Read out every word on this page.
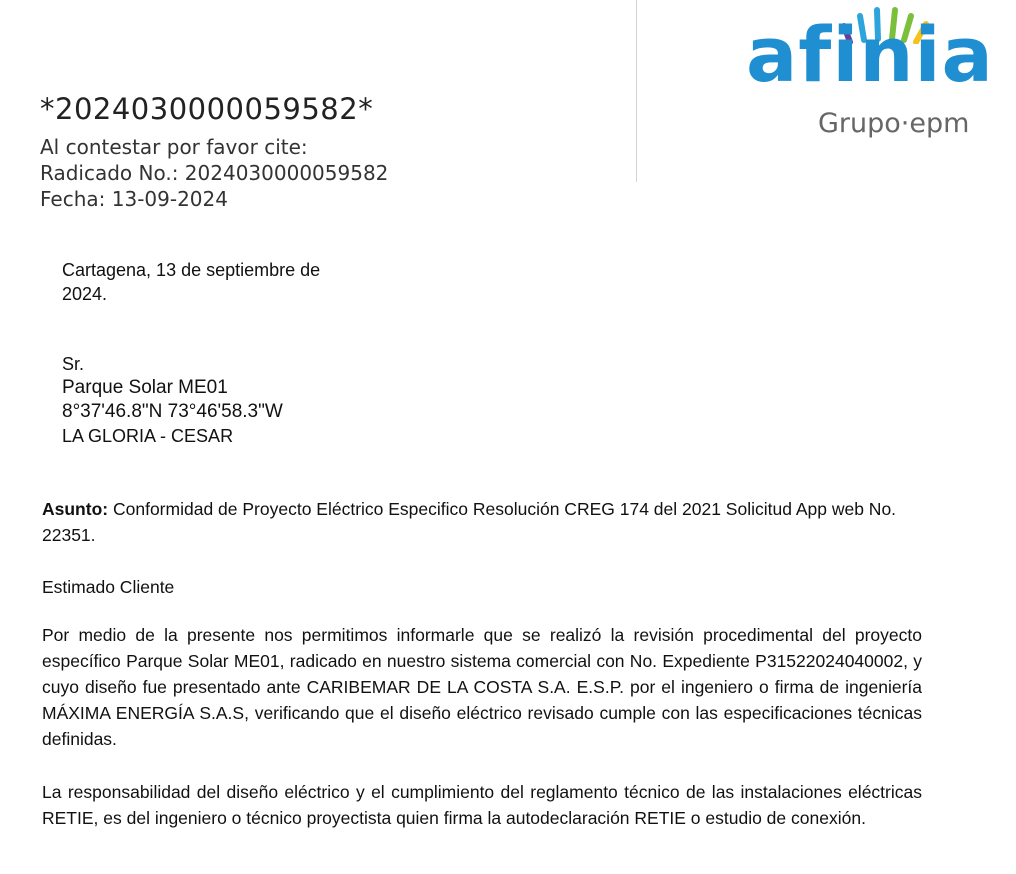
*2024030000059582*
Al contestar por favor cite:
Radicado No.: 2024030000059582
Fecha: 13-09-2024
afinia
Grupo·epm
Cartagena, 13 de septiembre de 2024.
Sr.
Parque Solar ME01
8°37'46.8"N 73°46'58.3"W
LA GLORIA - CESAR
Asunto: Conformidad de Proyecto Eléctrico Especifico Resolución CREG 174 del 2021 Solicitud App web No. 22351.
Estimado Cliente
Por medio de la presente nos permitimos informarle que se realizó la revisión procedimental del proyecto específico Parque Solar ME01, radicado en nuestro sistema comercial con No. Expediente P31522024040002, y cuyo diseño fue presentado ante CARIBEMAR DE LA COSTA S.A. E.S.P. por el ingeniero o firma de ingeniería MÁXIMA ENERGÍA S.A.S, verificando que el diseño eléctrico revisado cumple con las especificaciones técnicas definidas.
La responsabilidad del diseño eléctrico y el cumplimiento del reglamento técnico de las instalaciones eléctricas RETIE, es del ingeniero o técnico proyectista quien firma la autodeclaración RETIE o estudio de conexión.
